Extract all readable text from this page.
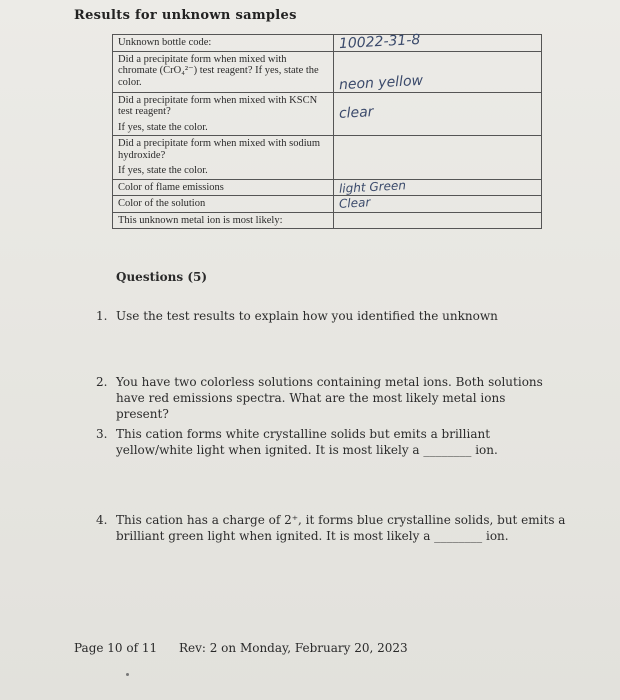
Results for unknown samples
Unknown bottle code:	10022-31-8
Did a precipitate form when mixed with chromate (CrO₄²⁻) test reagent? If yes, state the color.	neon yellow
Did a precipitate form when mixed with KSCN test reagent?
If yes, state the color.	clear
Did a precipitate form when mixed with sodium hydroxide?
If yes, state the color.	

Color of flame emissions	light Green
Color of the solution	Clear
This unknown metal ion is most likely:	
Questions (5)
1. Use the test results to explain how you identified the unknown
2. You have two colorless solutions containing metal ions. Both solutions have red emissions spectra. What are the most likely metal ions present?
3. This cation forms white crystalline solids but emits a brilliant yellow/white light when ignited. It is most likely a ________ ion.
4. This cation has a charge of 2⁺, it forms blue crystalline solids, but emits a brilliant green light when ignited. It is most likely a ________ ion.
Page 10 of 11 Rev: 2 on Monday, February 20, 2023
